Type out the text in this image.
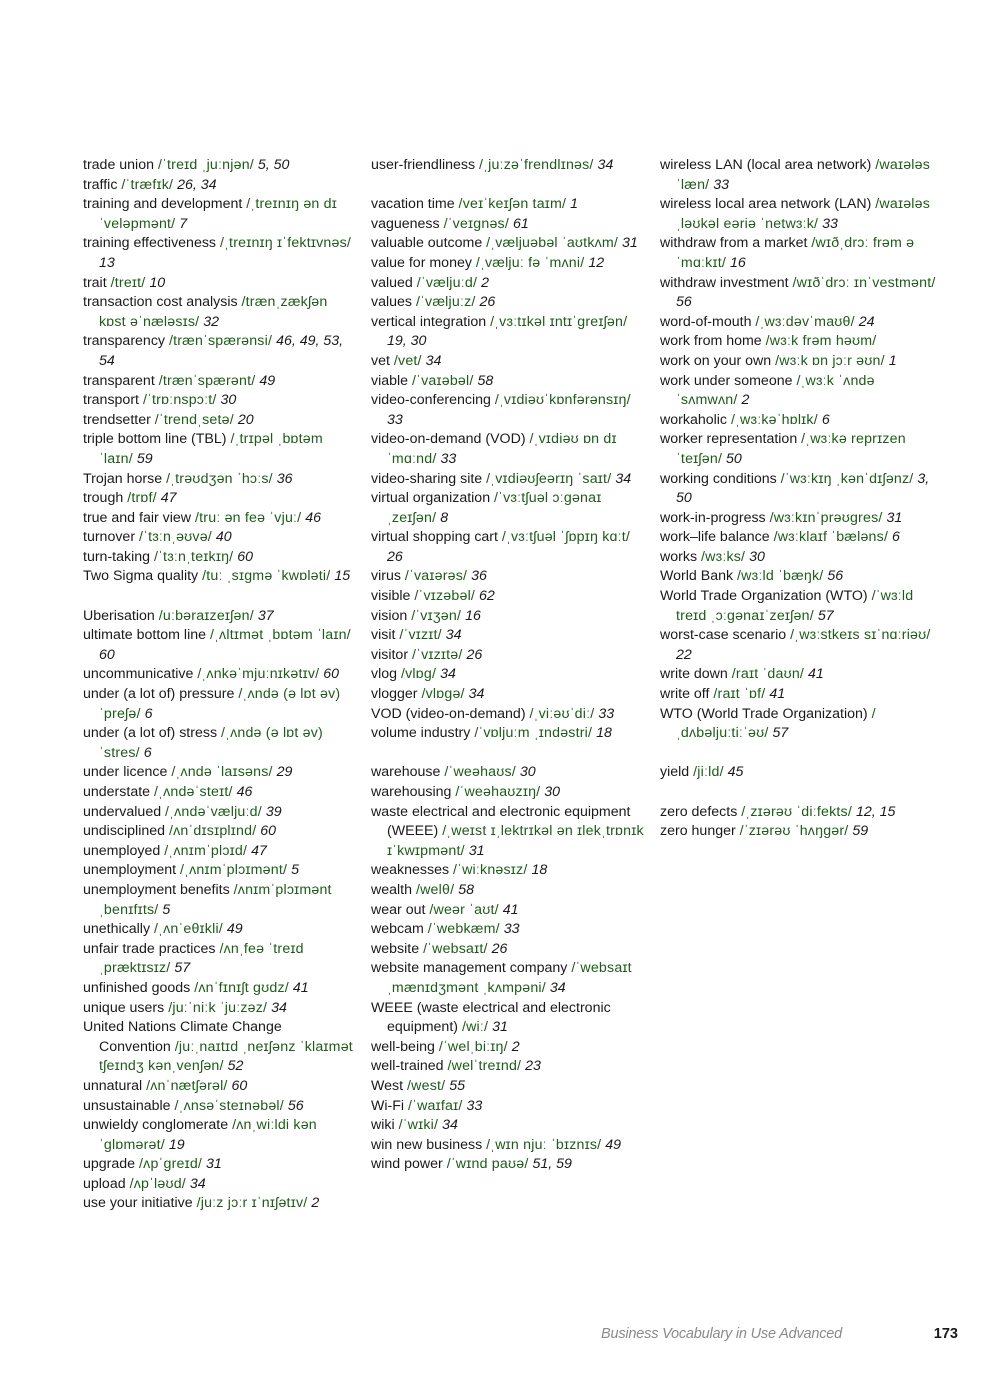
trade union /ˈtreɪd ˌjuːnjən/ 5, 50
traffic /ˈtræfɪk/ 26, 34
training and development /ˌtreɪnɪŋ ən dɪˈveləpmənt/ 7
training effectiveness /ˌtreɪnɪŋ ɪˈfektɪvnəs/ 13
trait /treɪt/ 10
transaction cost analysis /trænˌzækʃən kɒst əˈnæləsɪs/ 32
transparency /trænˈspærənsi/ 46, 49, 53, 54
transparent /trænˈspærənt/ 49
transport /ˈtrɒːnspɔːt/ 30
trendsetter /ˈtrendˌsetə/ 20
triple bottom line (TBL) /ˌtrɪpəl ˌbɒtəm ˈlaɪn/ 59
Trojan horse /ˌtrəʊdʒən ˈhɔːs/ 36
trough /trɒf/ 47
true and fair view /truː ən feə ˈvjuː/ 46
turnover /ˈtɜːnˌəʊvə/ 40
turn-taking /ˈtɜːnˌteɪkɪŋ/ 60
Two Sigma quality /tuː ˌsɪgmə ˈkwɒləti/ 15
Uberisation /uːbəraɪzeɪʃən/ 37
ultimate bottom line /ˌʌltɪmət ˌbɒtəm ˈlaɪn/ 60
uncommunicative /ˌʌnkəˈmjuːnɪkətɪv/ 60
under (a lot of) pressure /ˌʌndə (ə lɒt əv) ˈpreʃə/ 6
under (a lot of) stress /ˌʌndə (ə lɒt əv) ˈstres/ 6
under licence /ˌʌndə ˈlaɪsəns/ 29
understate /ˌʌndəˈsteɪt/ 46
undervalued /ˌʌndəˈvæljuːd/ 39
undisciplined /ʌnˈdɪsɪplɪnd/ 60
unemployed /ˌʌnɪmˈplɔɪd/ 47
unemployment /ˌʌnɪmˈplɔɪmənt/ 5
unemployment benefits /ʌnɪmˈplɔɪmənt ˌbenɪfɪts/ 5
unethically /ˌʌnˈeθɪkli/ 49
unfair trade practices /ʌnˌfeə ˈtreɪd ˌpræktɪsɪz/ 57
unfinished goods /ʌnˈfɪnɪʃt gʊdz/ 41
unique users /juːˈniːk ˈjuːzəz/ 34
United Nations Climate Change Convention /juːˌnaɪtɪd ˌneɪʃənz ˈklaɪmət tʃeɪndʒ kənˌvenʃən/ 52
unnatural /ʌnˈnætʃərəl/ 60
unsustainable /ˌʌnsəˈsteɪnəbəl/ 56
unwieldy conglomerate /ʌnˌwiːldi kənˈglɒmərət/ 19
upgrade /ʌpˈgreɪd/ 31
upload /ʌpˈləʊd/ 34
use your initiative /juːz jɔːr ɪˈnɪʃətɪv/ 2
user-friendliness /ˌjuːzəˈfrendlɪnəs/ 34
vacation time /veɪˈkeɪʃən taɪm/ 1
vagueness /ˈveɪgnəs/ 61
valuable outcome /ˌvæljuəbəl ˈaʊtkʌm/ 31
value for money /ˌvæljuː fə ˈmʌni/ 12
valued /ˈvæljuːd/ 2
values /ˈvæljuːz/ 26
vertical integration /ˌvɜːtɪkəl ɪntɪˈgreɪʃən/ 19, 30
vet /vet/ 34
viable /ˈvaɪəbəl/ 58
video-conferencing /ˌvɪdiəʊˈkɒnfərənsɪŋ/ 33
video-on-demand (VOD) /ˌvɪdiəʊ ɒn dɪˈmɑːnd/ 33
video-sharing site /ˌvɪdiəʊʃeərɪŋ ˈsaɪt/ 34
virtual organization /ˈvɜːtʃuəl ɔːgənaɪˌzeɪʃən/ 8
virtual shopping cart /ˌvɜːtʃuəl ˈʃɒpɪŋ kɑːt/ 26
virus /ˈvaɪərəs/ 36
visible /ˈvɪzəbəl/ 62
vision /ˈvɪʒən/ 16
visit /ˈvɪzɪt/ 34
visitor /ˈvɪzɪtə/ 26
vlog /vlɒg/ 34
vlogger /vlɒgə/ 34
VOD (video-on-demand) /ˌviːəʊˈdiː/ 33
volume industry /ˈvɒljuːm ˌɪndəstri/ 18
warehouse /ˈweəhaʊs/ 30
warehousing /ˈweəhaʊzɪŋ/ 30
waste electrical and electronic equipment (WEEE) /ˌweɪst ɪˌlektrɪkəl ən ɪlekˌtrɒnɪk ɪˈkwɪpmənt/ 31
weaknesses /ˈwiːknəsɪz/ 18
wealth /welθ/ 58
wear out /weər ˈaʊt/ 41
webcam /ˈwebkæm/ 33
website /ˈwebsaɪt/ 26
website management company /ˈwebsaɪt ˌmænɪdʒmənt ˌkʌmpəni/ 34
WEEE (waste electrical and electronic equipment) /wiː/ 31
well-being /ˈwelˌbiːɪŋ/ 2
well-trained /welˈtreɪnd/ 23
West /west/ 55
Wi-Fi /ˈwaɪfaɪ/ 33
wiki /ˈwɪki/ 34
win new business /ˌwɪn njuː ˈbɪznɪs/ 49
wind power /ˈwɪnd paʊə/ 51, 59
wireless LAN (local area network) /waɪələs ˈlæn/ 33
wireless local area network (LAN) /waɪələs ˌləʊkəl eəriə ˈnetwɜːk/ 33
withdraw from a market /wɪðˌdrɔː frəm ə ˈmɑːkɪt/ 16
withdraw investment /wɪðˈdrɔː ɪnˈvestmənt/ 56
word-of-mouth /ˌwɜːdəvˈmaʊθ/ 24
work from home /wɜːk frəm həʊm/
work on your own /wɜːk ɒn jɔːr əʊn/ 1
work under someone /ˌwɜːk ˈʌndə ˈsʌmwʌn/ 2
workaholic /ˌwɜːkəˈhɒlɪk/ 6
worker representation /ˌwɜːkə reprɪzenˈteɪʃən/ 50
working conditions /ˈwɜːkɪŋ ˌkənˈdɪʃənz/ 3, 50
work-in-progress /wɜːkɪnˈprəʊgres/ 31
work–life balance /wɜːklaɪf ˈbæləns/ 6
works /wɜːks/ 30
World Bank /wɜːld ˈbæŋk/ 56
World Trade Organization (WTO) /ˈwɜːld treɪd ˌɔːgənaɪˈzeɪʃən/ 57
worst-case scenario /ˌwɜːstkeɪs sɪˈnɑːriəʊ/ 22
write down /raɪt ˈdaʊn/ 41
write off /raɪt ˈɒf/ 41
WTO (World Trade Organization) /ˌdʌbəljuːtiːˈəʊ/ 57
yield /jiːld/ 45
zero defects /ˌzɪərəʊ ˈdiːfekts/ 12, 15
zero hunger /ˈzɪərəʊ ˈhʌŋgər/ 59
Business Vocabulary in Use Advanced	173
